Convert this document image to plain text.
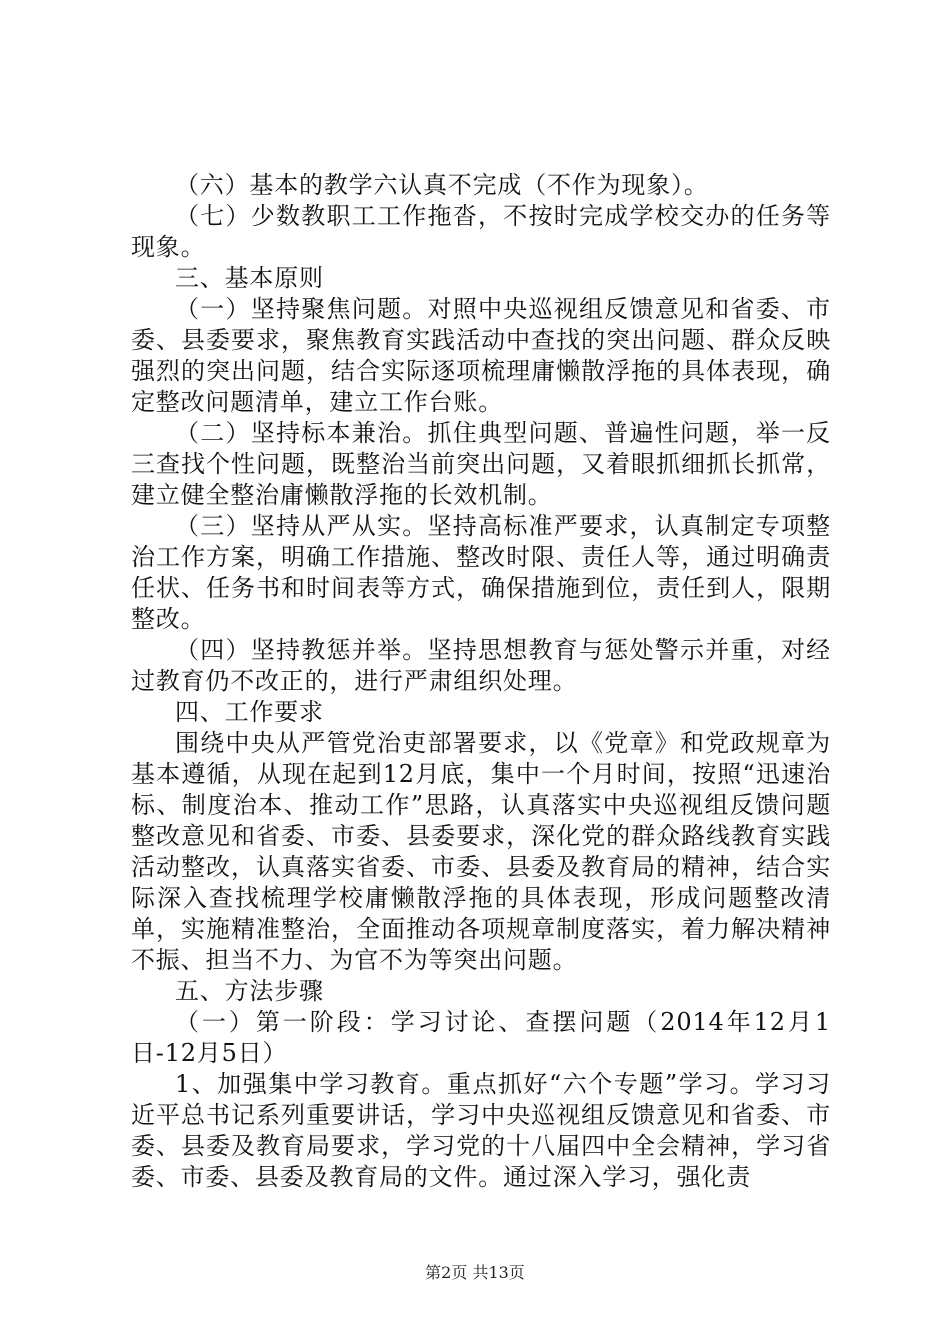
（六）基本的教学六认真不完成（不作为现象）。

（七）少数教职工工作拖沓，不按时完成学校交办的任务等现象。

三、基本原则

（一）坚持聚焦问题。对照中央巡视组反馈意见和省委、市委、县委要求，聚焦教育实践活动中查找的突出问题、群众反映强烈的突出问题，结合实际逐项梳理庸懒散浮拖的具体表现，确定整改问题清单，建立工作台账。

（二）坚持标本兼治。抓住典型问题、普遍性问题，举一反三查找个性问题，既整治当前突出问题，又着眼抓细抓长抓常，建立健全整治庸懒散浮拖的长效机制。

（三）坚持从严从实。坚持高标准严要求，认真制定专项整治工作方案，明确工作措施、整改时限、责任人等，通过明确责任状、任务书和时间表等方式，确保措施到位，责任到人，限期整改。

（四）坚持教惩并举。坚持思想教育与惩处警示并重，对经过教育仍不改正的，进行严肃组织处理。

四、工作要求

围绕中央从严管党治吏部署要求，以《党章》和党政规章为基本遵循，从现在起到12月底，集中一个月时间，按照“迅速治标、制度治本、推动工作”思路，认真落实中央巡视组反馈问题整改意见和省委、市委、县委要求，深化党的群众路线教育实践活动整改，认真落实省委、市委、县委及教育局的精神，结合实际深入查找梳理学校庸懒散浮拖的具体表现，形成问题整改清单，实施精准整治，全面推动各项规章制度落实，着力解决精神不振、担当不力、为官不为等突出问题。

五、方法步骤

（一）第一阶段：学习讨论、查摆问题（2014年12月1日-12月5日）

1、加强集中学习教育。重点抓好“六个专题”学习。学习习近平总书记系列重要讲话，学习中央巡视组反馈意见和省委、市委、县委及教育局要求，学习党的十八届四中全会精神，学习省委、市委、县委及教育局的文件。通过深入学习，强化责

第2页 共13页
